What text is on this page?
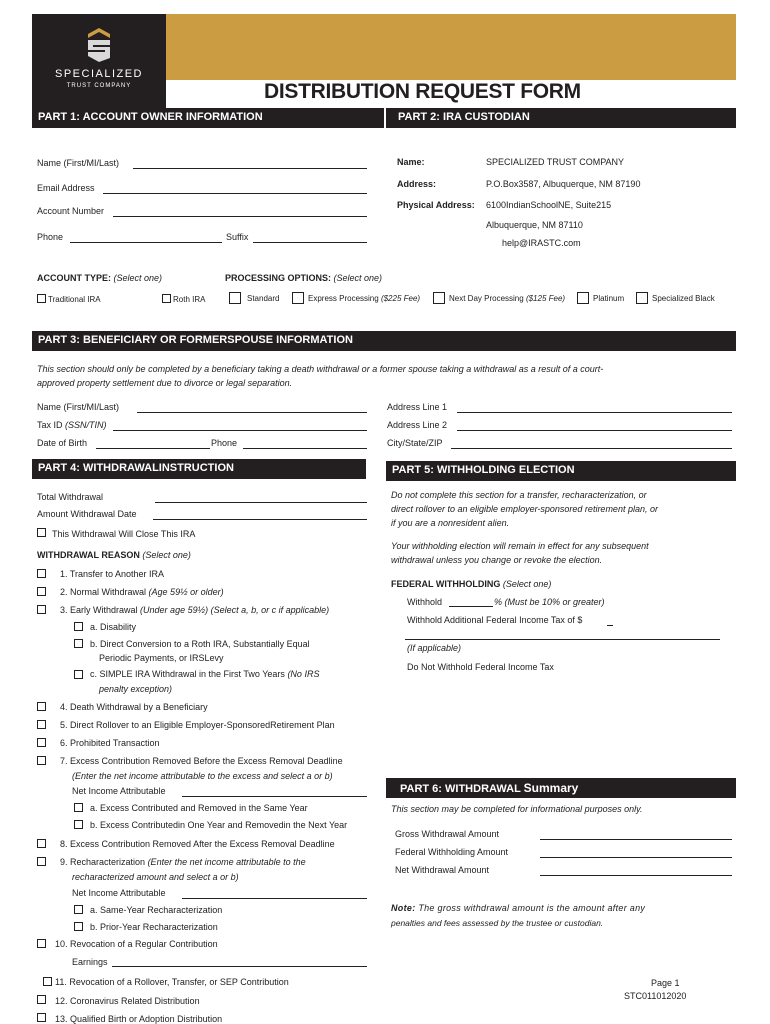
SPECIALIZED
TRUST COMPANY	DISTRIBUTION REQUEST FORM
PART 1: ACCOUNT OWNER INFORMATION
Name (First/MI/Last)
Email Address
Account Number
Phone	Suffix
PART 2: IRA CUSTODIAN
Name:	SPECIALIZED TRUST COMPANY
Address:	P.O.Box3587, Albuquerque, NM 87190
Physical Address: 6100IndianSchoolNE, Suite215
Albuquerque, NM 87110
help@IRASTC.com
ACCOUNT TYPE: (Select one)
Traditional IRA	Roth IRA
PROCESSING OPTIONS: (Select one)
Standard	Express Processing ($225 Fee)	Next Day Processing ($125 Fee)	Platinum	Specialized Black
PART 3: BENEFICIARY OR FORMERSPOUSE INFORMATION
This section should only be completed by a beneficiary taking a death withdrawal or a former spouse taking a withdrawal as a result of a court-
approved property settlement due to divorce or legal separation.
Name (First/MI/Last)
Tax ID (SSN/TIN)
Date of Birth	Phone
Address Line 1
Address Line 2
City/State/ZIP
PART 4: WITHDRAWALINSTRUCTION
Total Withdrawal
Amount Withdrawal Date
This Withdrawal Will Close This IRA
WITHDRAWAL REASON (Select one)
1. Transfer to Another IRA
2. Normal Withdrawal (Age 59½ or older)
3. Early Withdrawal (Under age 59½) (Select a, b, or c if applicable)
a. Disability
b. Direct Conversion to a Roth IRA, Substantially Equal
Periodic Payments, or IRSLevy
c. SIMPLE IRA Withdrawal in the First Two Years (No IRS
penalty exception)
4. Death Withdrawal by a Beneficiary
5. Direct Rollover to an Eligible Employer-SponsoredRetirement Plan
6. Prohibited Transaction
7. Excess Contribution Removed Before the Excess Removal Deadline
(Enter the net income attributable to the excess and select a or b)
Net Income Attributable
a. Excess Contributed and Removed in the Same Year
b. Excess Contributedin One Year and Removedin the Next Year
8. Excess Contribution Removed After the Excess Removal Deadline
9. Recharacterization (Enter the net income attributable to the
recharacterized amount and select a or b)
Net Income Attributable
a. Same-Year Recharacterization
b. Prior-Year Recharacterization
10. Revocation of a Regular Contribution
Earnings
11. Revocation of a Rollover, Transfer, or SEP Contribution
12. Coronavirus Related Distribution
13. Qualified Birth or Adoption Distribution
PART 5: WITHHOLDING ELECTION
Do not complete this section for a transfer, recharacterization, or
direct rollover to an eligible employer-sponsored retirement plan, or
if you are a nonresident alien.
Your withholding election will remain in effect for any subsequent
withdrawal unless you change or revoke the election.
FEDERAL WITHHOLDING (Select one)
Withhold	% (Must be 10% or greater)
Withhold Additional Federal Income Tax of $
(If applicable)
Do Not Withhold Federal Income Tax
PART 6: WITHDRAWAL Summary
This section may be completed for informational purposes only.
Gross Withdrawal Amount
Federal Withholding Amount
Net Withdrawal Amount
Note: The gross withdrawal amount is the amount after any
penalties and fees assessed by the trustee or custodian.
Page 1
STC011012020
